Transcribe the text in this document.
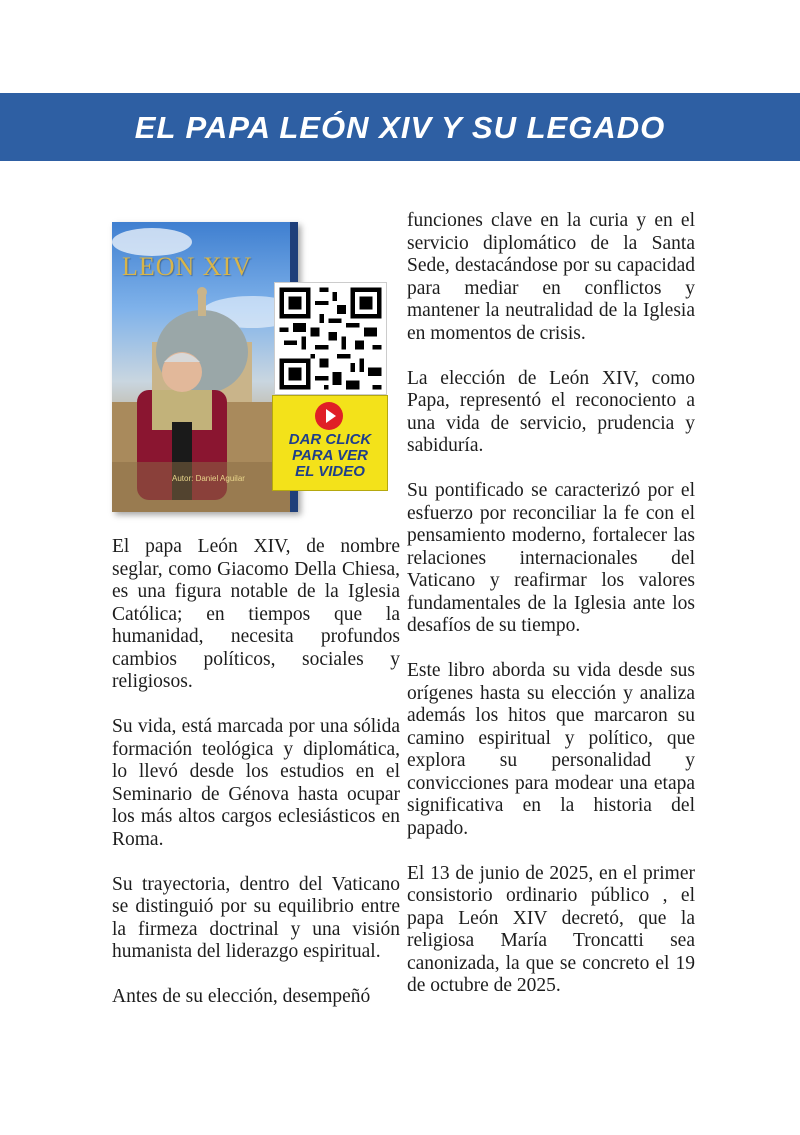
EL PAPA LEÓN XIV Y SU LEGADO
LEON XIV
Autor: Daniel Aguilar

DAR CLICK
PARA VER
EL VIDEO

El papa León XIV, de nombre seglar, como Giacomo Della Chiesa, es una figura notable de la Iglesia Católica; en tiempos que la humanidad, necesita profundos cambios políticos, sociales y religiosos.

Su vida, está marcada por una sólida formación teológica y diplomática, lo llevó desde los estudios en el Seminario de Génova hasta ocupar los más altos cargos eclesiásticos en Roma.

Su trayectoria, dentro del Vaticano se distinguió por su equilibrio entre la firmeza doctrinal y una visión humanista del liderazgo espiritual.

Antes de su elección, desempeñó

funciones clave en la curia y en el servicio diplomático de la Santa Sede, destacándose por su capacidad para mediar en conflictos y mantener la neutralidad de la Iglesia en momentos de crisis.

La elección de León XIV, como Papa, representó el reconociento a una vida de servicio, prudencia y sabiduría.

Su pontificado se caracterizó por el esfuerzo por reconciliar la fe con el pensamiento moderno, fortalecer las relaciones internacionales del Vaticano y reafirmar los valores fundamentales de la Iglesia ante los desafíos de su tiempo.

Este libro aborda su vida desde sus orígenes hasta su elección y analiza además los hitos que marcaron su camino espiritual y político, que explora su personalidad y convicciones para modear una etapa significativa en la historia del papado.

El 13 de junio de 2025, en el primer consistorio ordinario público , el papa León XIV decretó, que la religiosa María Troncatti sea canonizada, la que se concreto el 19 de octubre de 2025.
